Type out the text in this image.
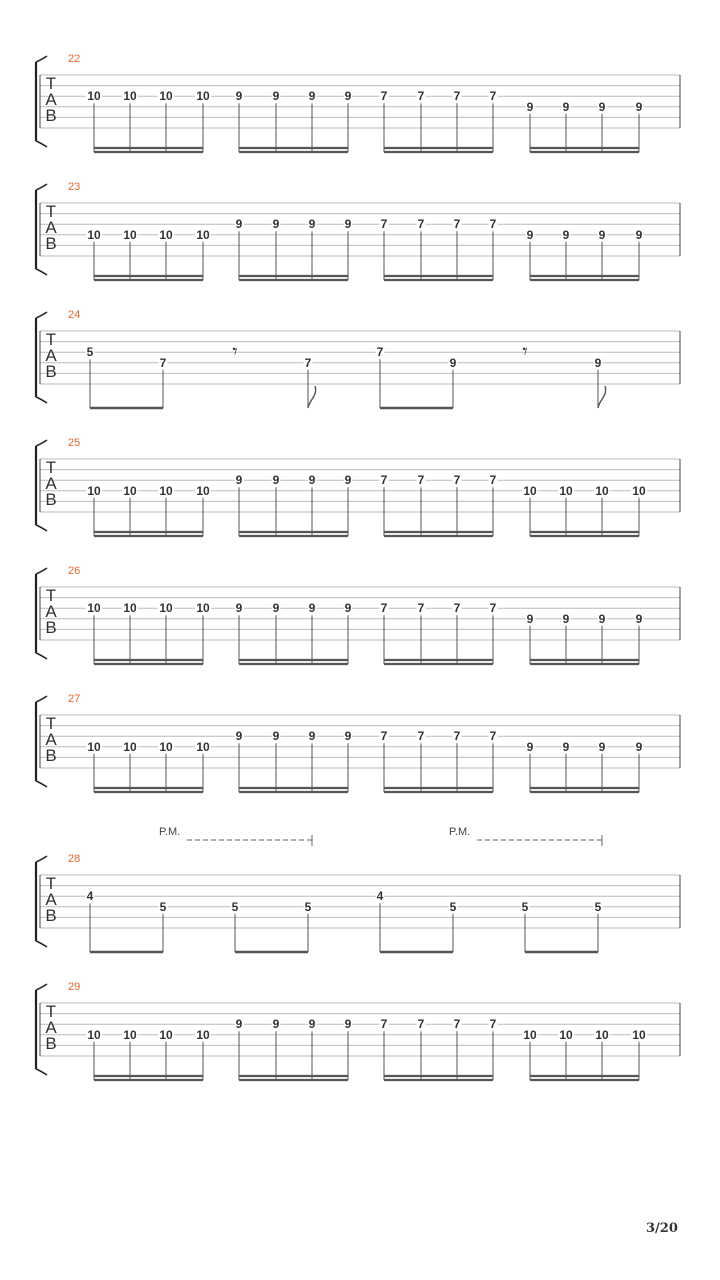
22
T
A
B
10 10 10 10 9	9 9 9 7	7 7 7
9 9 9	9
23
T
A
B	10 10 10 10
9	9 9 9 7	7 7 7
9 9 9	9
24
T
A
B
5
7	7
7
9	9
𝄾	𝄾
25
T
A
B	10 10 10 10
9	9 9 9 7	7 7 7
10 10 10 10
26
T
A
B
10 10 10 10 9	9 9 9 7	7 7 7
9 9 9	9
27
T
A
B	10 10 10 10
9	9 9 9 7	7 7 7
9 9 9	9
28
T
A
B
4
5	5	5
4
5	5	5
29
T
A
B	10 10 10 10
9	9 9 9 7	7 7 7
10 10 10 10
P.M.	P.M.
3/20
